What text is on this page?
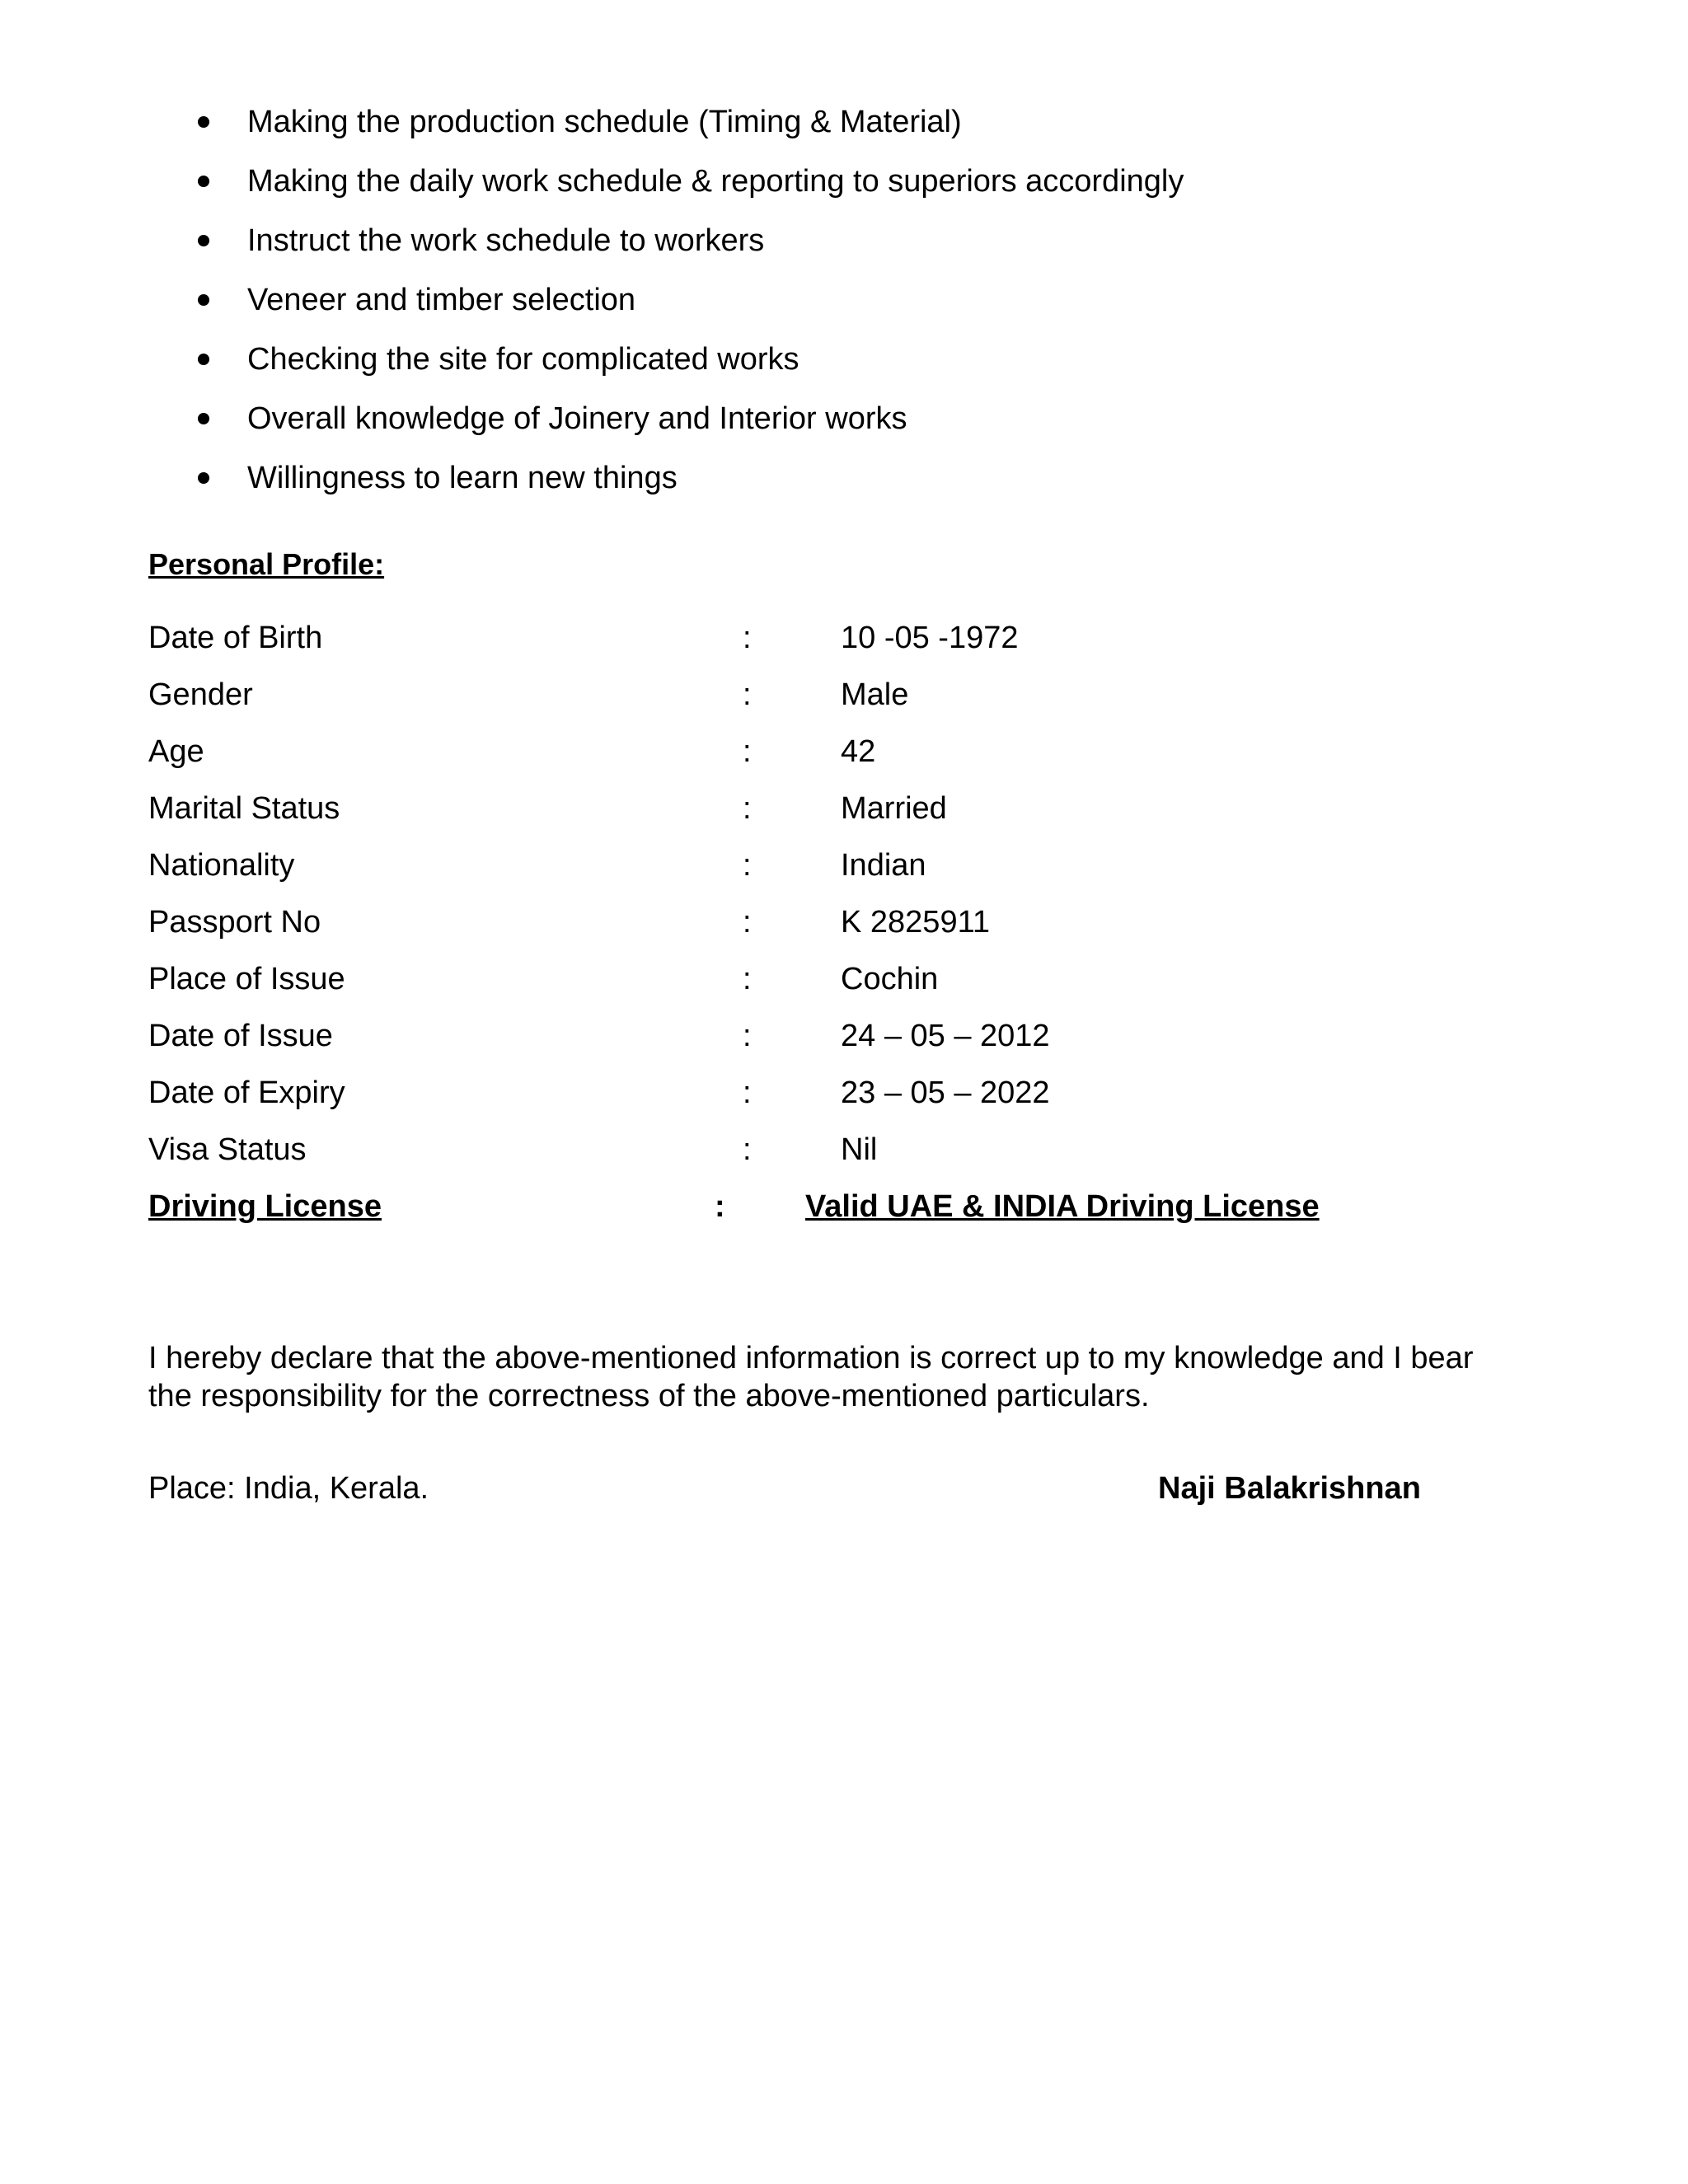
Making the production schedule (Timing & Material)
Making the daily work schedule & reporting to superiors accordingly
Instruct the work schedule to workers
Veneer and timber selection
Checking the site for complicated works
Overall knowledge of Joinery and Interior works
Willingness to learn new things
Personal Profile:
Date of Birth	:	10 -05 -1972
Gender	:	Male
Age	:	42
Marital Status	:	Married
Nationality	:	Indian
Passport No	:	K 2825911
Place of Issue	:	Cochin
Date of Issue	:	24 – 05 – 2012
Date of Expiry	:	23 – 05 – 2022
Visa Status	:	Nil
Driving License	:	Valid UAE & INDIA Driving License

I hereby declare that the above-mentioned information is correct up to my knowledge and I bear the responsibility for the correctness of the above-mentioned particulars.

Place: India, Kerala.	Naji Balakrishnan
